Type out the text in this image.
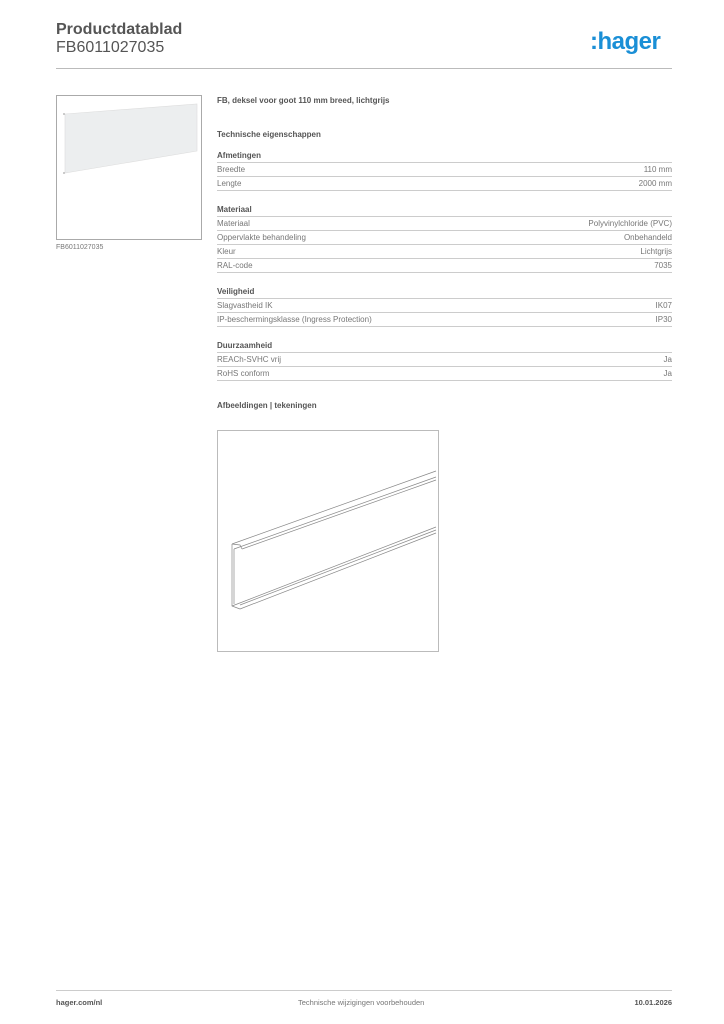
Productdatablad
FB6011027035	:hager
FB6011027035
FB, deksel voor goot 110 mm breed, lichtgrijs
Technische eigenschappen
Afmetingen
Breedte	110 mm
Lengte	2000 mm
Materiaal
Materiaal	Polyvinylchloride (PVC)
Oppervlakte behandeling	Onbehandeld
Kleur	Lichtgrijs
RAL-code	7035
Veiligheid
Slagvastheid IK	IK07
IP-beschermingsklasse (Ingress Protection)	IP30
Duurzaamheid
REACh-SVHC vrij	Ja
RoHS conform	Ja
Afbeeldingen | tekeningen
hager.com/nl	Technische wijzigingen voorbehouden	10.01.2026
